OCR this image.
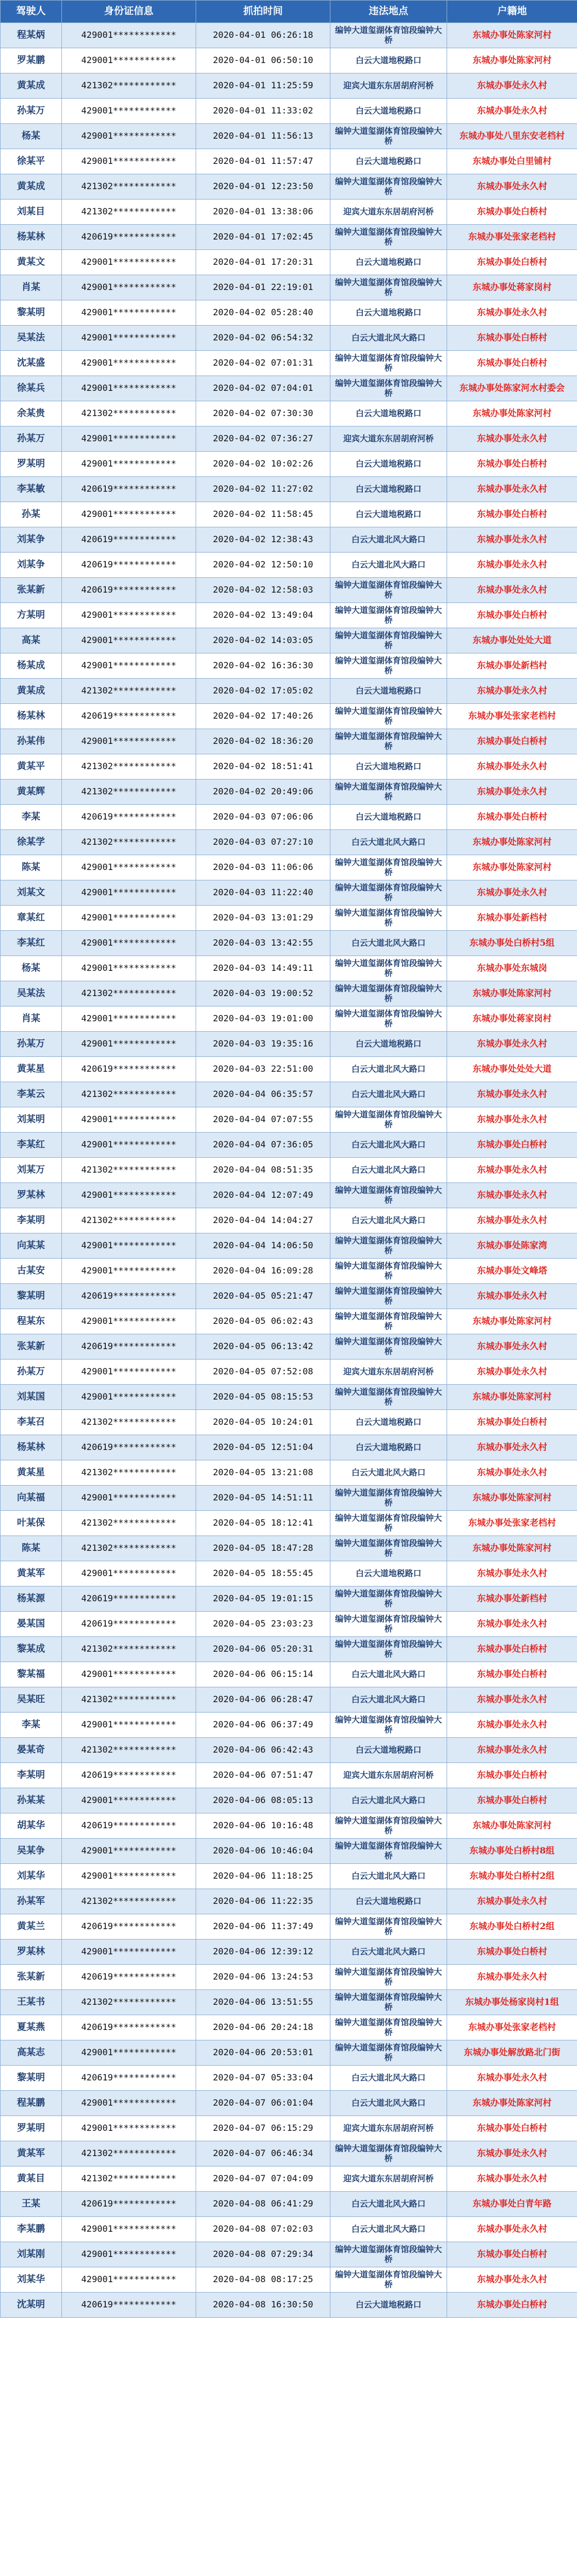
驾驶人	身份证信息	抓拍时间	违法地点	户籍地
程某炳	429001************	2020-04-01 06:26:18	编钟大道玺湖体育馆段编钟大桥	东城办事处陈家河村
罗某鹏	429001************	2020-04-01 06:50:10	白云大道地税路口	东城办事处陈家河村
黄某成	421302************	2020-04-01 11:25:59	迎宾大道东东居胡府河桥	东城办事处永久村
孙某万	429001************	2020-04-01 11:33:02	白云大道地税路口	东城办事处永久村
杨某	429001************	2020-04-01 11:56:13	编钟大道玺湖体育馆段编钟大桥	东城办事处八里东安老档村
徐某平	429001************	2020-04-01 11:57:47	白云大道地税路口	东城办事处白里铺村
黄某成	421302************	2020-04-01 12:23:50	编钟大道玺湖体育馆段编钟大桥	东城办事处永久村
刘某目	421302************	2020-04-01 13:38:06	迎宾大道东东居胡府河桥	东城办事处白桥村
杨某林	420619************	2020-04-01 17:02:45	编钟大道玺湖体育馆段编钟大桥	东城办事处张家老档村
黄某文	429001************	2020-04-01 17:20:31	白云大道地税路口	东城办事处白桥村
肖某	429001************	2020-04-01 22:19:01	编钟大道玺湖体育馆段编钟大桥	东城办事处蒋家岗村
黎某明	429001************	2020-04-02 05:28:40	白云大道地税路口	东城办事处永久村
吴某法	429001************	2020-04-02 06:54:32	白云大道北风大路口	东城办事处白桥村
沈某盛	429001************	2020-04-02 07:01:31	编钟大道玺湖体育馆段编钟大桥	东城办事处白桥村
徐某兵	429001************	2020-04-02 07:04:01	编钟大道玺湖体育馆段编钟大桥	东城办事处陈家河水村委会
余某贵	421302************	2020-04-02 07:30:30	白云大道地税路口	东城办事处陈家河村
孙某万	429001************	2020-04-02 07:36:27	迎宾大道东东居胡府河桥	东城办事处永久村
罗某明	429001************	2020-04-02 10:02:26	白云大道地税路口	东城办事处白桥村
李某敏	420619************	2020-04-02 11:27:02	白云大道地税路口	东城办事处永久村
孙某	429001************	2020-04-02 11:58:45	白云大道地税路口	东城办事处白桥村
刘某争	420619************	2020-04-02 12:38:43	白云大道北风大路口	东城办事处永久村
刘某争	420619************	2020-04-02 12:50:10	白云大道北风大路口	东城办事处永久村
张某新	420619************	2020-04-02 12:58:03	编钟大道玺湖体育馆段编钟大桥	东城办事处永久村
方某明	429001************	2020-04-02 13:49:04	编钟大道玺湖体育馆段编钟大桥	东城办事处白桥村
高某	429001************	2020-04-02 14:03:05	编钟大道玺湖体育馆段编钟大桥	东城办事处处处大道
杨某成	429001************	2020-04-02 16:36:30	编钟大道玺湖体育馆段编钟大桥	东城办事处新档村
黄某成	421302************	2020-04-02 17:05:02	白云大道地税路口	东城办事处永久村
杨某林	420619************	2020-04-02 17:40:26	编钟大道玺湖体育馆段编钟大桥	东城办事处张家老档村
孙某伟	429001************	2020-04-02 18:36:20	编钟大道玺湖体育馆段编钟大桥	东城办事处白桥村
黄某平	421302************	2020-04-02 18:51:41	白云大道地税路口	东城办事处永久村
黄某辉	421302************	2020-04-02 20:49:06	编钟大道玺湖体育馆段编钟大桥	东城办事处永久村
李某	420619************	2020-04-03 07:06:06	白云大道地税路口	东城办事处白桥村
徐某学	421302************	2020-04-03 07:27:10	白云大道北风大路口	东城办事处陈家河村
陈某	429001************	2020-04-03 11:06:06	编钟大道玺湖体育馆段编钟大桥	东城办事处陈家河村
刘某文	429001************	2020-04-03 11:22:40	编钟大道玺湖体育馆段编钟大桥	东城办事处永久村
章某红	429001************	2020-04-03 13:01:29	编钟大道玺湖体育馆段编钟大桥	东城办事处新档村
李某红	429001************	2020-04-03 13:42:55	白云大道北风大路口	东城办事处白桥村5组
杨某	429001************	2020-04-03 14:49:11	编钟大道玺湖体育馆段编钟大桥	东城办事处东城岗
吴某法	421302************	2020-04-03 19:00:52	编钟大道玺湖体育馆段编钟大桥	东城办事处陈家河村
肖某	429001************	2020-04-03 19:01:00	编钟大道玺湖体育馆段编钟大桥	东城办事处蒋家岗村
孙某万	429001************	2020-04-03 19:35:16	白云大道地税路口	东城办事处永久村
黄某星	420619************	2020-04-03 22:51:00	白云大道北风大路口	东城办事处处处大道
李某云	421302************	2020-04-04 06:35:57	白云大道北风大路口	东城办事处永久村
刘某明	429001************	2020-04-04 07:07:55	编钟大道玺湖体育馆段编钟大桥	东城办事处永久村
李某红	429001************	2020-04-04 07:36:05	白云大道北风大路口	东城办事处白桥村
刘某万	421302************	2020-04-04 08:51:35	白云大道北风大路口	东城办事处永久村
罗某林	429001************	2020-04-04 12:07:49	编钟大道玺湖体育馆段编钟大桥	东城办事处永久村
李某明	421302************	2020-04-04 14:04:27	白云大道北风大路口	东城办事处永久村
向某某	429001************	2020-04-04 14:06:50	编钟大道玺湖体育馆段编钟大桥	东城办事处陈家湾
古某安	429001************	2020-04-04 16:09:28	编钟大道玺湖体育馆段编钟大桥	东城办事处文峰塔
黎某明	420619************	2020-04-05 05:21:47	编钟大道玺湖体育馆段编钟大桥	东城办事处永久村
程某东	429001************	2020-04-05 06:02:43	编钟大道玺湖体育馆段编钟大桥	东城办事处陈家河村
张某新	420619************	2020-04-05 06:13:42	编钟大道玺湖体育馆段编钟大桥	东城办事处永久村
孙某万	429001************	2020-04-05 07:52:08	迎宾大道东东居胡府河桥	东城办事处永久村
刘某国	429001************	2020-04-05 08:15:53	编钟大道玺湖体育馆段编钟大桥	东城办事处陈家河村
李某召	421302************	2020-04-05 10:24:01	白云大道地税路口	东城办事处白桥村
杨某林	420619************	2020-04-05 12:51:04	白云大道地税路口	东城办事处永久村
黄某星	421302************	2020-04-05 13:21:08	白云大道北风大路口	东城办事处永久村
向某福	429001************	2020-04-05 14:51:11	编钟大道玺湖体育馆段编钟大桥	东城办事处陈家河村
叶某保	421302************	2020-04-05 18:12:41	编钟大道玺湖体育馆段编钟大桥	东城办事处张家老档村
陈某	421302************	2020-04-05 18:47:28	编钟大道玺湖体育馆段编钟大桥	东城办事处陈家河村
黄某军	429001************	2020-04-05 18:55:45	白云大道地税路口	东城办事处永久村
杨某源	420619************	2020-04-05 19:01:15	编钟大道玺湖体育馆段编钟大桥	东城办事处新档村
晏某国	420619************	2020-04-05 23:03:23	编钟大道玺湖体育馆段编钟大桥	东城办事处永久村
黎某成	421302************	2020-04-06 05:20:31	编钟大道玺湖体育馆段编钟大桥	东城办事处白桥村
黎某福	429001************	2020-04-06 06:15:14	白云大道北风大路口	东城办事处白桥村
吴某旺	421302************	2020-04-06 06:28:47	白云大道北风大路口	东城办事处永久村
李某	429001************	2020-04-06 06:37:49	编钟大道玺湖体育馆段编钟大桥	东城办事处永久村
晏某奇	421302************	2020-04-06 06:42:43	白云大道地税路口	东城办事处永久村
李某明	420619************	2020-04-06 07:51:47	迎宾大道东东居胡府河桥	东城办事处白桥村
孙某某	429001************	2020-04-06 08:05:13	白云大道北风大路口	东城办事处白桥村
胡某华	420619************	2020-04-06 10:16:48	编钟大道玺湖体育馆段编钟大桥	东城办事处陈家河村
吴某争	429001************	2020-04-06 10:46:04	编钟大道玺湖体育馆段编钟大桥	东城办事处白桥村8组
刘某华	429001************	2020-04-06 11:18:25	白云大道北风大路口	东城办事处白桥村2组
孙某军	421302************	2020-04-06 11:22:35	白云大道地税路口	东城办事处永久村
黄某兰	420619************	2020-04-06 11:37:49	编钟大道玺湖体育馆段编钟大桥	东城办事处白桥村2组
罗某林	429001************	2020-04-06 12:39:12	白云大道北风大路口	东城办事处白桥村
张某新	420619************	2020-04-06 13:24:53	编钟大道玺湖体育馆段编钟大桥	东城办事处永久村
王某书	421302************	2020-04-06 13:51:55	编钟大道玺湖体育馆段编钟大桥	东城办事处杨家岗村1组
夏某燕	420619************	2020-04-06 20:24:18	编钟大道玺湖体育馆段编钟大桥	东城办事处张家老档村
高某志	429001************	2020-04-06 20:53:01	编钟大道玺湖体育馆段编钟大桥	东城办事处解放路北门街
黎某明	420619************	2020-04-07 05:33:04	白云大道北风大路口	东城办事处永久村
程某鹏	429001************	2020-04-07 06:01:04	白云大道北风大路口	东城办事处陈家河村
罗某明	429001************	2020-04-07 06:15:29	迎宾大道东东居胡府河桥	东城办事处白桥村
黄某军	421302************	2020-04-07 06:46:34	编钟大道玺湖体育馆段编钟大桥	东城办事处永久村
黄某目	421302************	2020-04-07 07:04:09	迎宾大道东东居胡府河桥	东城办事处永久村
王某	420619************	2020-04-08 06:41:29	白云大道北风大路口	东城办事处白青年路
李某鹏	429001************	2020-04-08 07:02:03	白云大道北风大路口	东城办事处永久村
刘某刚	429001************	2020-04-08 07:29:34	编钟大道玺湖体育馆段编钟大桥	东城办事处白桥村
刘某华	429001************	2020-04-08 08:17:25	编钟大道玺湖体育馆段编钟大桥	东城办事处永久村
沈某明	420619************	2020-04-08 16:30:50	白云大道地税路口	东城办事处白桥村
